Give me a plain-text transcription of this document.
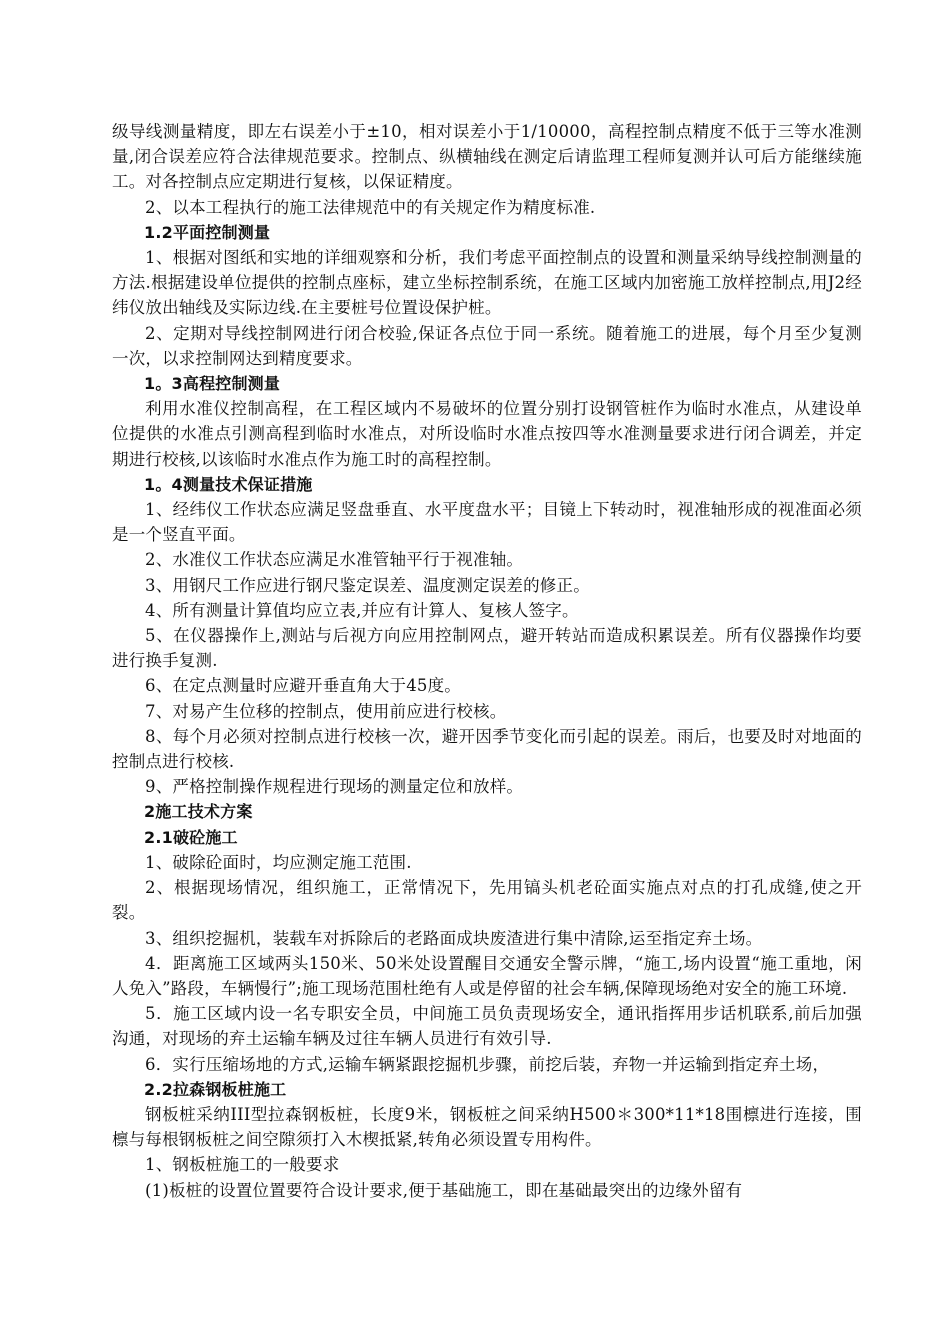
级导线测量精度，即左右误差小于±10，相对误差小于1/10000，高程控制点精度不低于三等水准测量,闭合误差应符合法律规范要求。控制点、纵横轴线在测定后请监理工程师复测并认可后方能继续施工。对各控制点应定期进行复核，以保证精度。

2、以本工程执行的施工法律规范中的有关规定作为精度标准.

1.2平面控制测量

1、根据对图纸和实地的详细观察和分析，我们考虑平面控制点的设置和测量采纳导线控制测量的方法.根据建设单位提供的控制点座标，建立坐标控制系统，在施工区域内加密施工放样控制点,用J2经纬仪放出轴线及实际边线.在主要桩号位置设保护桩。

2、定期对导线控制网进行闭合校验,保证各点位于同一系统。随着施工的进展，每个月至少复测一次，以求控制网达到精度要求。

1。3高程控制测量

利用水准仪控制高程，在工程区域内不易破坏的位置分别打设钢管桩作为临时水准点，从建设单位提供的水准点引测高程到临时水准点，对所设临时水准点按四等水准测量要求进行闭合调差，并定期进行校核,以该临时水准点作为施工时的高程控制。

1。4测量技术保证措施

1、经纬仪工作状态应满足竖盘垂直、水平度盘水平；目镜上下转动时，视准轴形成的视准面必须是一个竖直平面。

2、水准仪工作状态应满足水准管轴平行于视准轴。

3、用钢尺工作应进行钢尺鉴定误差、温度测定误差的修正。

4、所有测量计算值均应立表,并应有计算人、复核人签字。

5、在仪器操作上,测站与后视方向应用控制网点，避开转站而造成积累误差。所有仪器操作均要进行换手复测.

6、在定点测量时应避开垂直角大于45度。

7、对易产生位移的控制点，使用前应进行校核。

8、每个月必须对控制点进行校核一次，避开因季节变化而引起的误差。雨后，也要及时对地面的控制点进行校核.

9、严格控制操作规程进行现场的测量定位和放样。

2施工技术方案

2.1破砼施工

1、破除砼面时，均应测定施工范围.

2、根据现场情况，组织施工，正常情况下，先用镐头机老砼面实施点对点的打孔成缝,使之开裂。

3、组织挖掘机，装载车对拆除后的老路面成块废渣进行集中清除,运至指定弃土场。

4．距离施工区域两头150米、50米处设置醒目交通安全警示牌，“施工,场内设置“施工重地，闲人免入”路段，车辆慢行”;施工现场范围杜绝有人或是停留的社会车辆,保障现场绝对安全的施工环境.

5．施工区域内设一名专职安全员，中间施工员负责现场安全，通讯指挥用步话机联系,前后加强沟通，对现场的弃土运输车辆及过往车辆人员进行有效引导.

6．实行压缩场地的方式,运输车辆紧跟挖掘机步骤，前挖后装，弃物一并运输到指定弃土场，

2.2拉森钢板桩施工

钢板桩采纳III型拉森钢板桩，长度9米，钢板桩之间采纳H500＊300*11*18围檩进行连接，围檩与每根钢板桩之间空隙须打入木楔抵紧,转角必须设置专用构件。

1、钢板桩施工的一般要求

(1)板桩的设置位置要符合设计要求,便于基础施工，即在基础最突出的边缘外留有
